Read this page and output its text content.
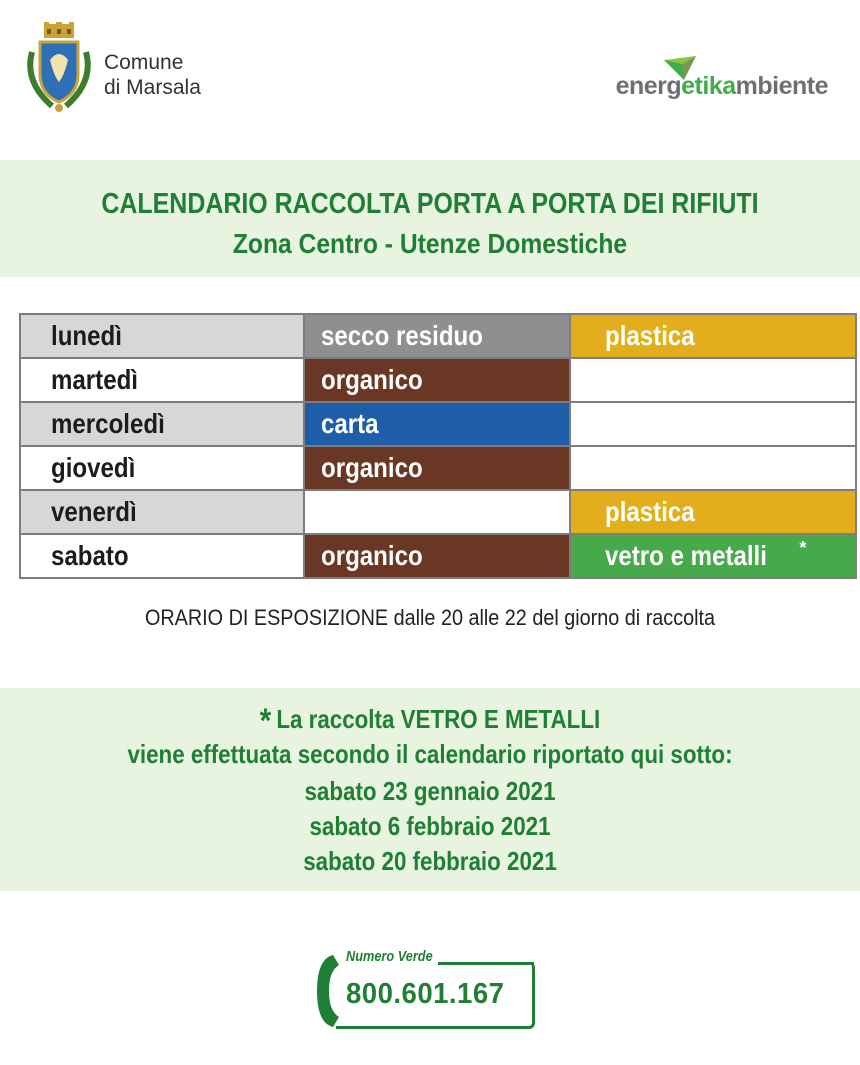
Comune
di Marsala	energetikambiente
CALENDARIO RACCOLTA PORTA A PORTA DEI RIFIUTI
Zona Centro - Utenze Domestiche
lunedì	secco residuo	plastica
martedì	organico	
mercoledì	carta	
giovedì	organico	
venerdì		plastica
sabato	organico	vetro e metalli *
ORARIO DI ESPOSIZIONE dalle 20 alle 22 del giorno di raccolta
* La raccolta VETRO E METALLI
viene effettuata secondo il calendario riportato qui sotto:
sabato 23 gennaio 2021
sabato 6 febbraio 2021
sabato 20 febbraio 2021
Numero Verde
800.601.167
